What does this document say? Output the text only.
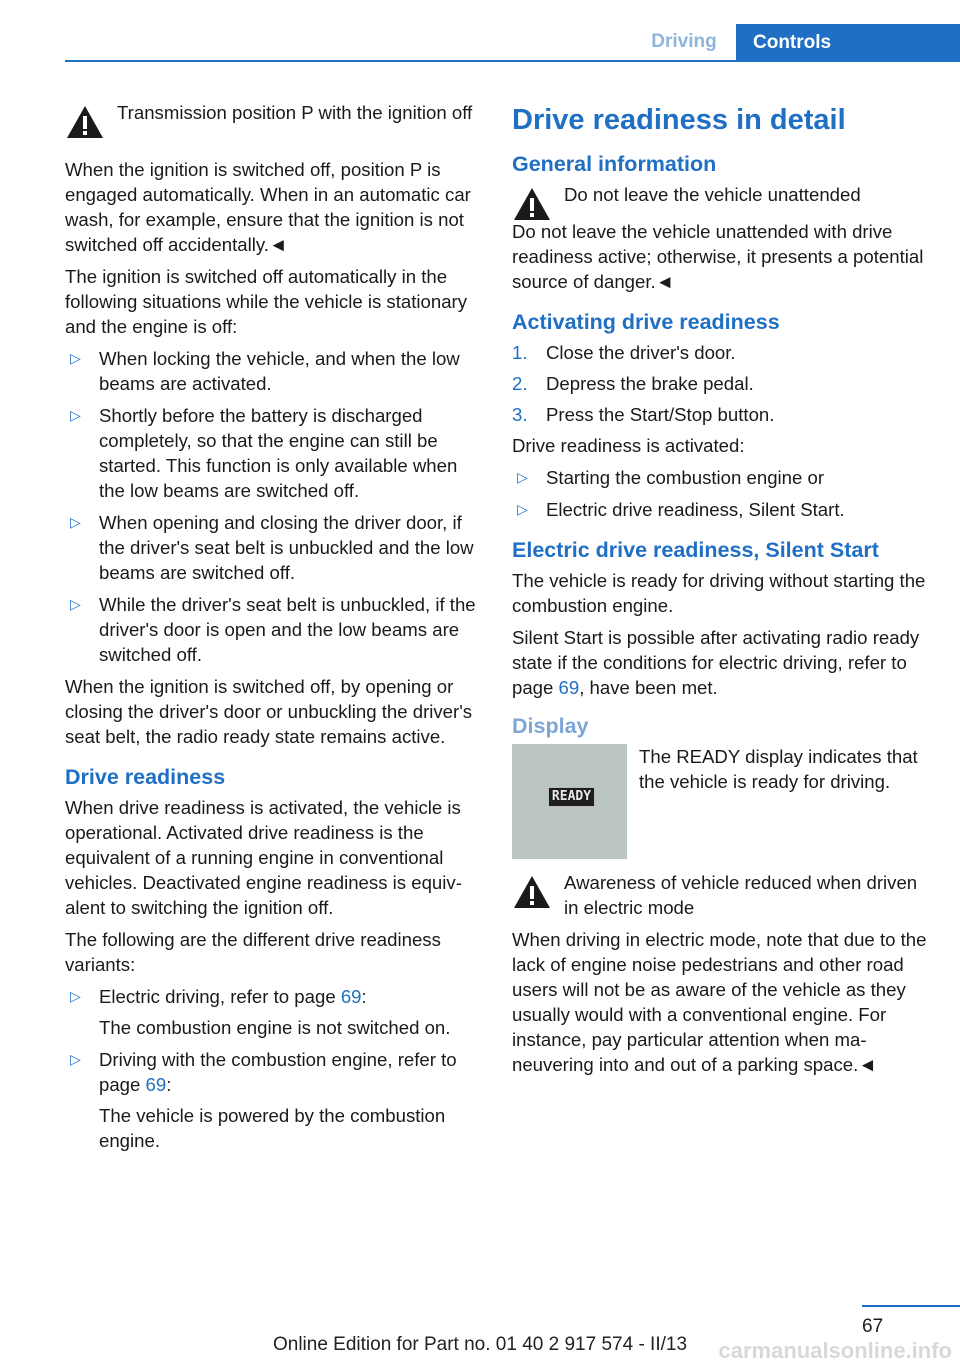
Driving	Controls

Transmission position P with the ignition off

When the ignition is switched off, position P is engaged automatically. When in an automatic car wash, for example, ensure that the ignition is not switched off accidentally.◄

The ignition is switched off automatically in the following situations while the vehicle is stationary and the engine is off:

▷ When locking the vehicle, and when the low beams are activated.
▷ Shortly before the battery is discharged completely, so that the engine can still be started. This function is only available when the low beams are switched off.
▷ When opening and closing the driver door, if the driver's seat belt is unbuckled and the low beams are switched off.
▷ While the driver's seat belt is unbuckled, if the driver's door is open and the low beams are switched off.

When the ignition is switched off, by opening or closing the driver's door or unbuckling the driver's seat belt, the radio ready state remains active.

Drive readiness

When drive readiness is activated, the vehicle is operational. Activated drive readiness is the equivalent of a running engine in conventional vehicles. Deactivated engine readiness is equivalent to switching the ignition off.

The following are the different drive readiness variants:

▷ Electric driving, refer to page 69:
The combustion engine is not switched on.
▷ Driving with the combustion engine, refer to page 69:
The vehicle is powered by the combustion engine.
Drive readiness in detail
General information

Do not leave the vehicle unattended

Do not leave the vehicle unattended with drive readiness active; otherwise, it presents a potential source of danger.◄

Activating drive readiness
1. Close the driver's door.
2. Depress the brake pedal.
3. Press the Start/Stop button.

Drive readiness is activated:

▷ Starting the combustion engine or
▷ Electric drive readiness, Silent Start.
Electric drive readiness, Silent Start

The vehicle is ready for driving without starting the combustion engine.

Silent Start is possible after activating radio ready state if the conditions for electric driving, refer to page 69, have been met.

Display
READY

The READY display indicates that the vehicle is ready for driving.

Awareness of vehicle reduced when driven in electric mode

When driving in electric mode, note that due to the lack of engine noise pedestrians and other road users will not be as aware of the vehicle as they usually would with a conventional engine. For instance, pay particular attention when maneuvering into and out of a parking space.◄

67
Online Edition for Part no. 01 40 2 917 574 - II/13	carmanualsonline.info
